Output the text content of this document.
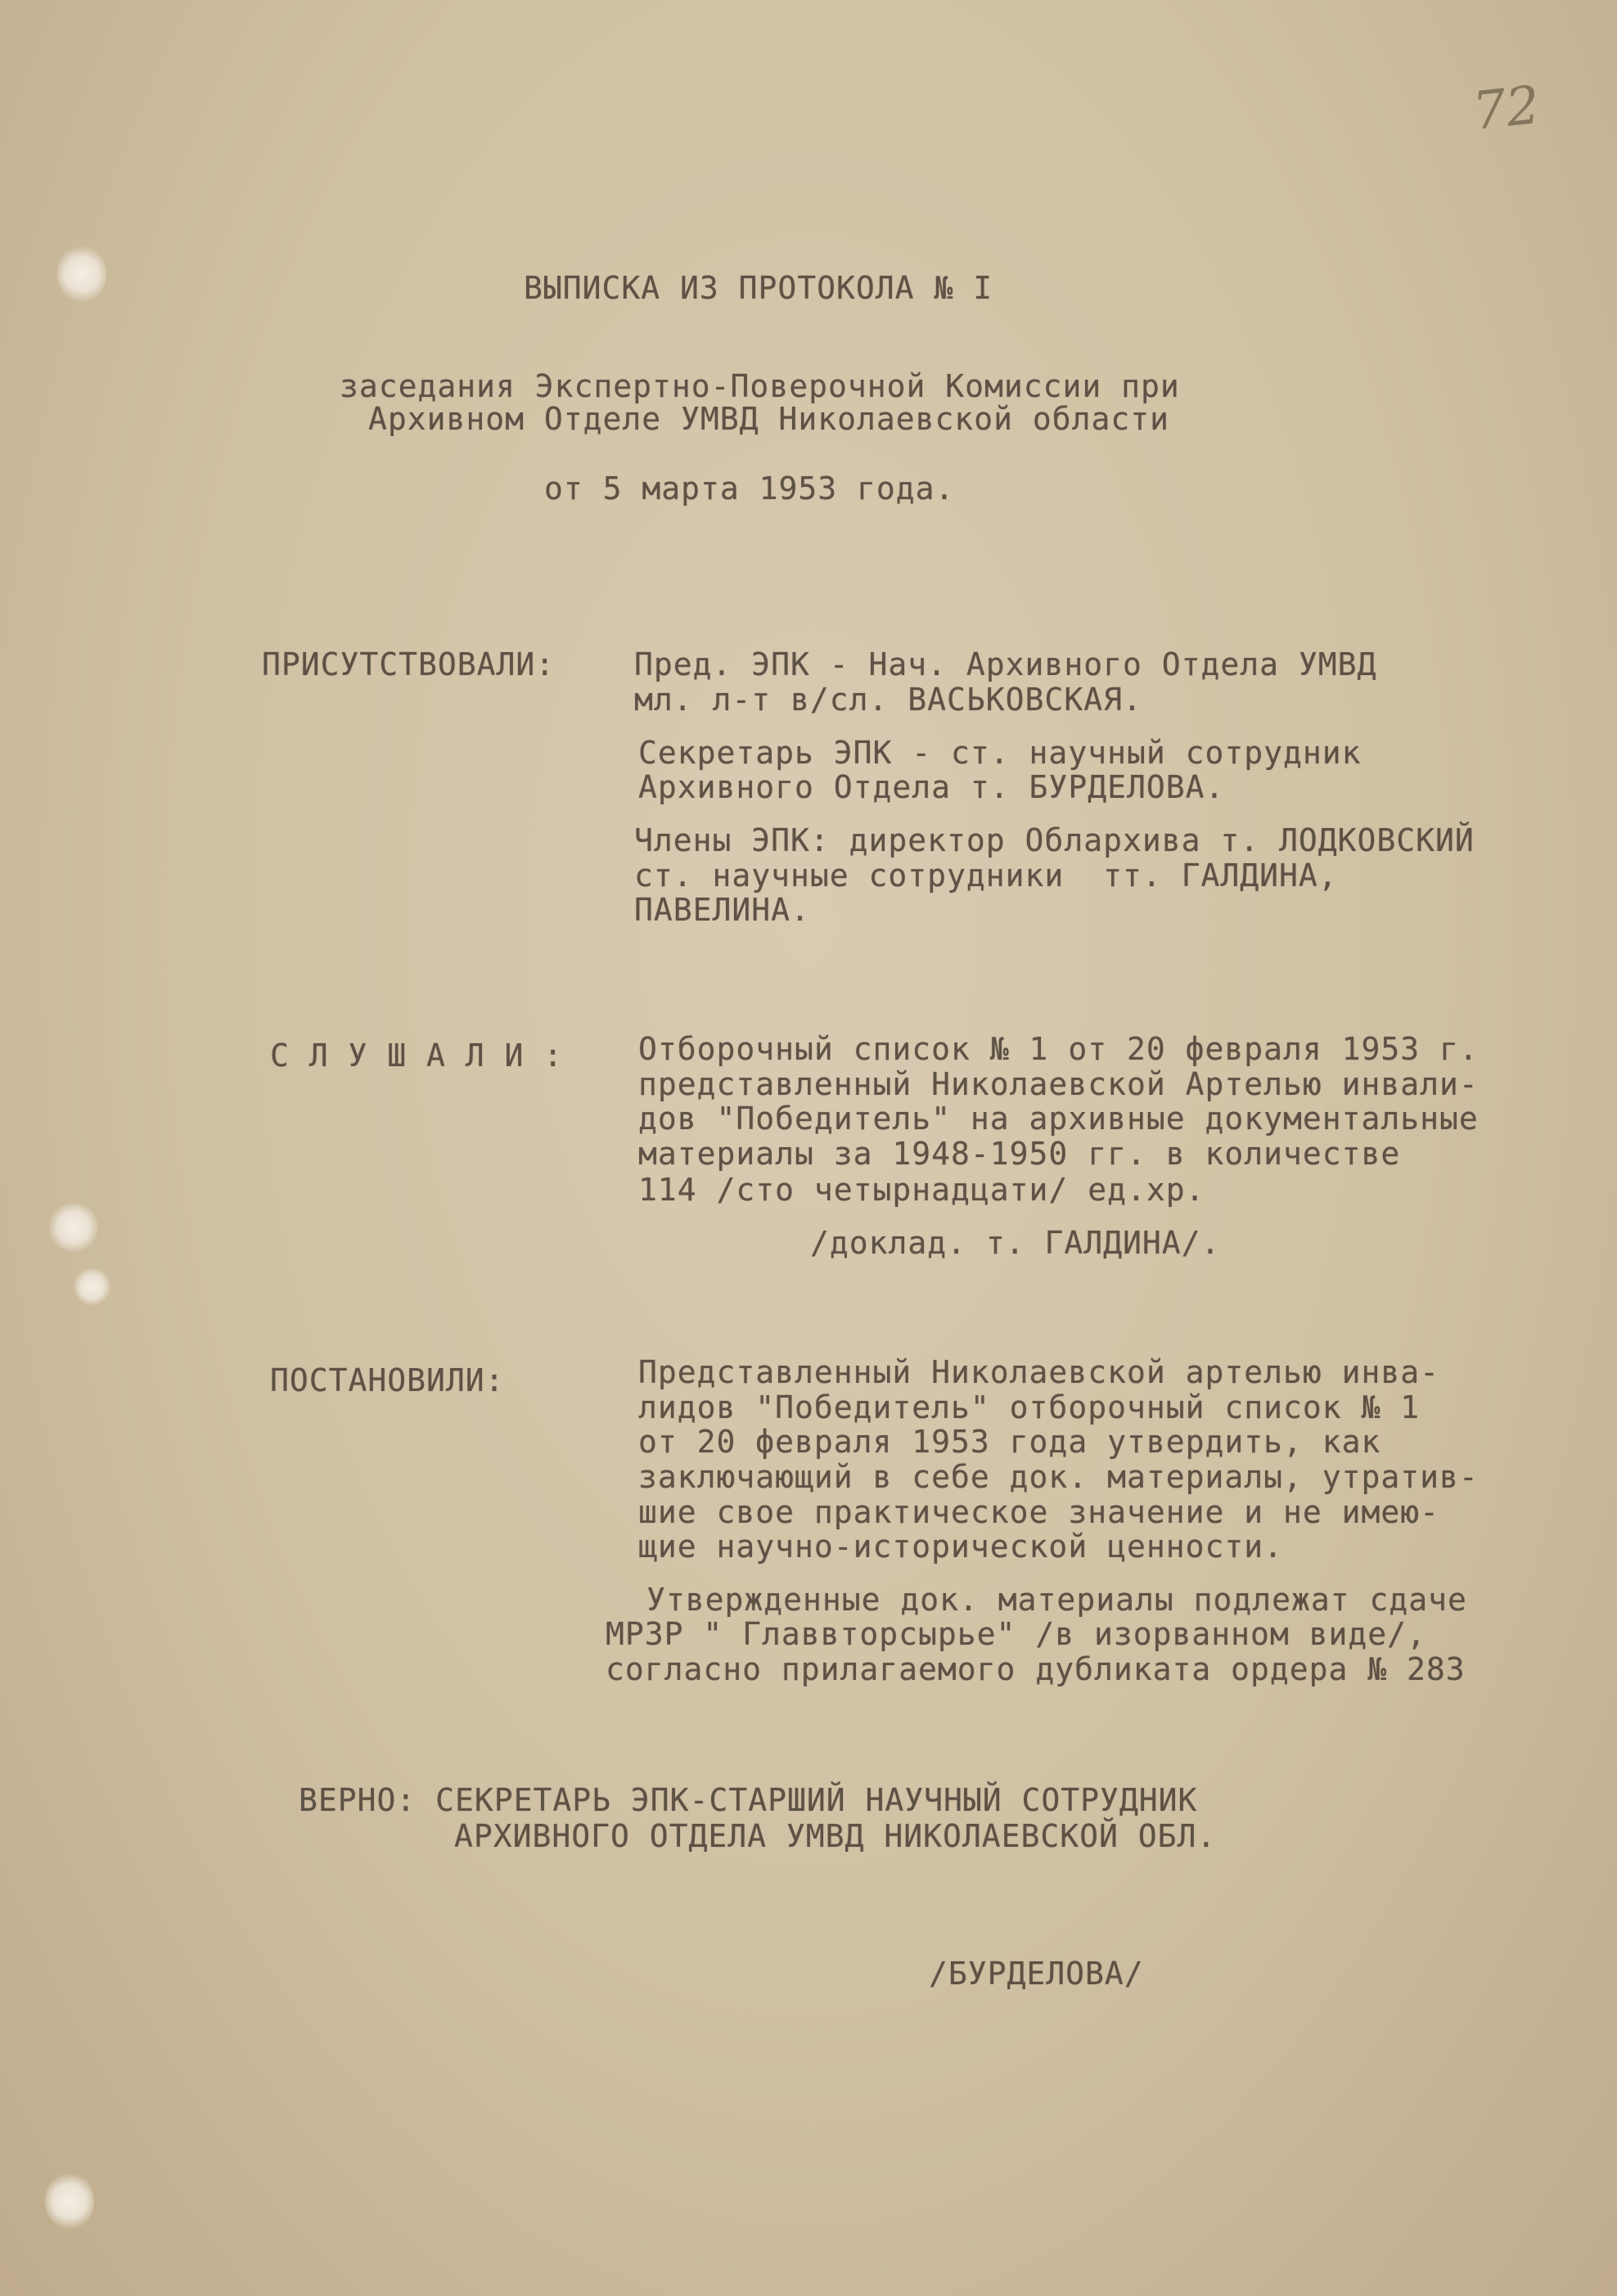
72
ВЫПИСКА ИЗ ПРОТОКОЛА № I
заседания Экспертно-Поверочной Комиссии при
Архивном Отделе УМВД Николаевской области
от 5 марта 1953 года.
ПРИСУТСТВОВАЛИ:	Пред. ЭПК - Нач. Архивного Отдела УМВД
мл. л-т в/сл. ВАСЬКОВСКАЯ.
Секретарь ЭПК - ст. научный сотрудник
Архивного Отдела т. БУРДЕЛОВА.
Члены ЭПК: директор Облархива т. ЛОДКОВСКИЙ
ст. научные сотрудники  тт. ГАЛДИНА,
ПАВЕЛИНА.
С Л У Ш А Л И : Отборочный список № 1 от 20 февраля 1953 г.
представленный Николаевской Артелью инвали-
дов "Победитель" на архивные документальные
материалы за 1948-1950 гг. в количестве
114 /сто четырнадцати/ ед.хр.
/доклад. т. ГАЛДИНА/.
ПОСТАНОВИЛИ:	Представленный Николаевской артелью инва-
лидов "Победитель" отборочный список № 1
от 20 февраля 1953 года утвердить, как
заключающий в себе док. материалы, утратив-
шие свое практическое значение и не имею-
щие научно-исторической ценности.
Утвержденные док. материалы подлежат сдаче
МРЗР " Главвторсырье" /в изорванном виде/,
согласно прилагаемого дубликата ордера № 283
ВЕРНО: СЕКРЕТАРЬ ЭПК-СТАРШИЙ НАУЧНЫЙ СОТРУДНИК
АРХИВНОГО ОТДЕЛА УМВД НИКОЛАЕВСКОЙ ОБЛ.
/БУРДЕЛОВА/
